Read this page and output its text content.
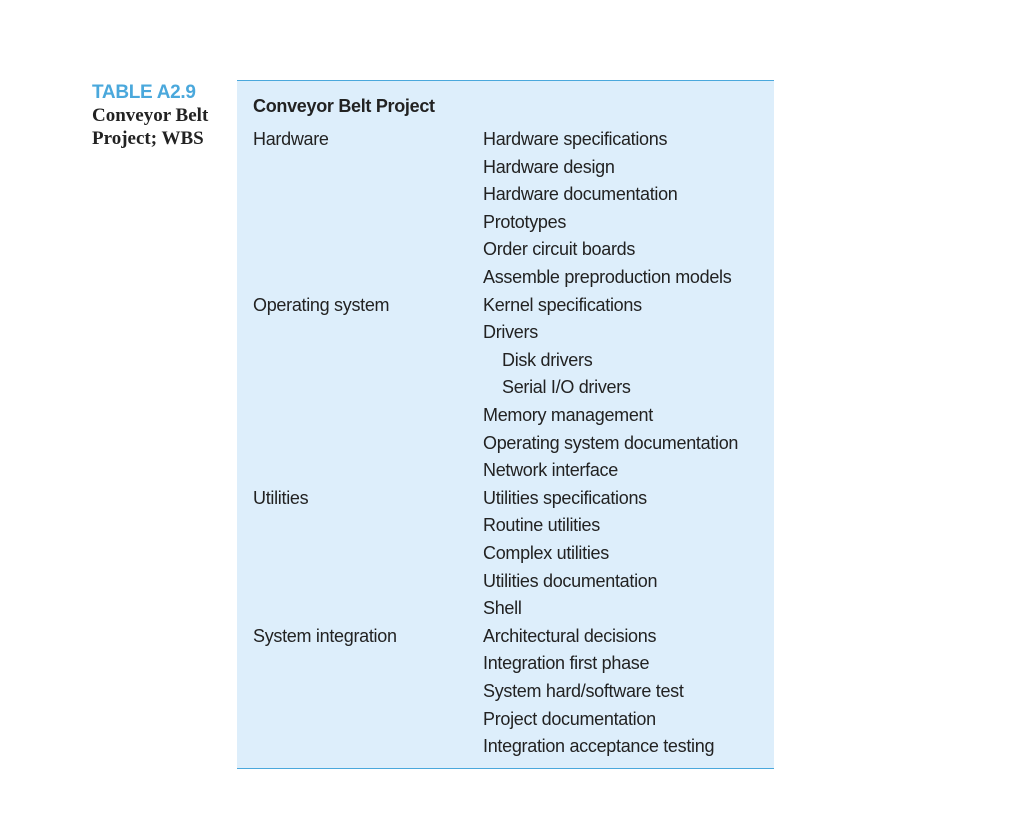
TABLE A2.9
Conveyor Belt
Project; WBS
Conveyor Belt Project
Hardware	Hardware specifications
Hardware design
Hardware documentation
Prototypes
Order circuit boards
Assemble preproduction models
Operating system	Kernel specifications
Drivers
Disk drivers
Serial I/O drivers
Memory management
Operating system documentation
Network interface
Utilities	Utilities specifications
Routine utilities
Complex utilities
Utilities documentation
Shell
System integration	Architectural decisions
Integration first phase
System hard/software test
Project documentation
Integration acceptance testing
